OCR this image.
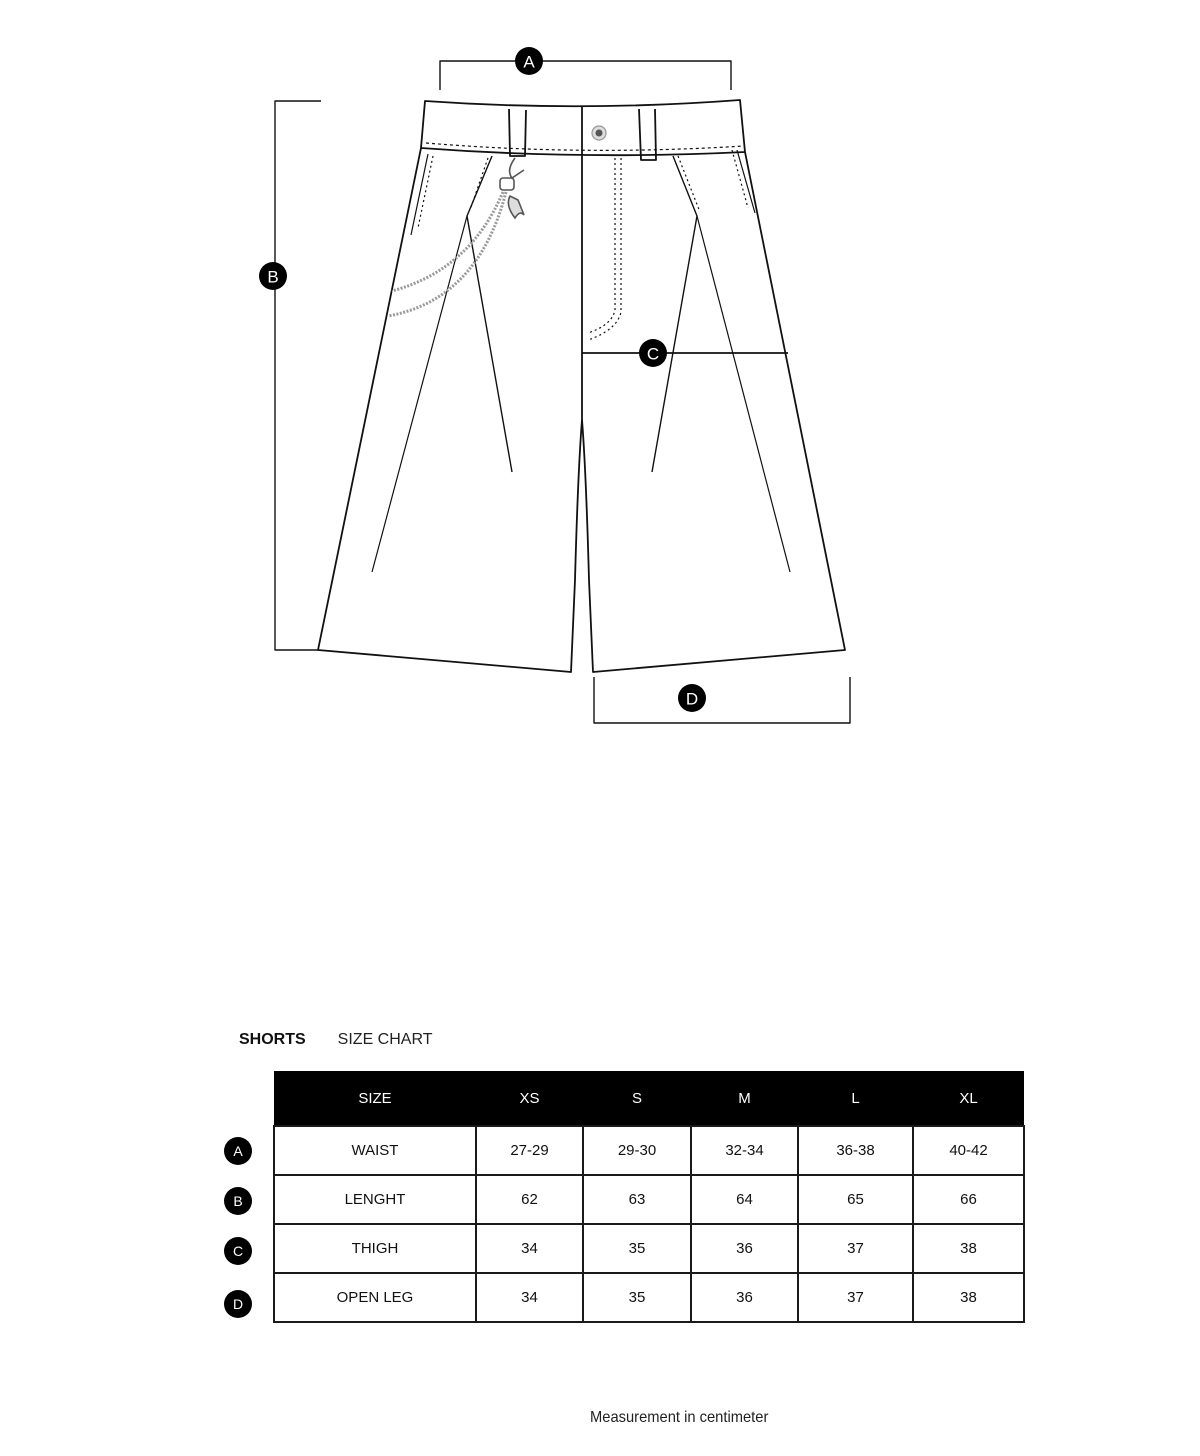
A
B
C
D
SHORTS SIZE CHART
A
B
C
D
SIZE	XS	S	M	L	XL
WAIST	27-29	29-30	32-34	36-38	40-42
LENGHT	62	63	64	65	66
THIGH	34	35	36	37	38
OPEN LEG	34	35	36	37	38
Measurement in centimeter
